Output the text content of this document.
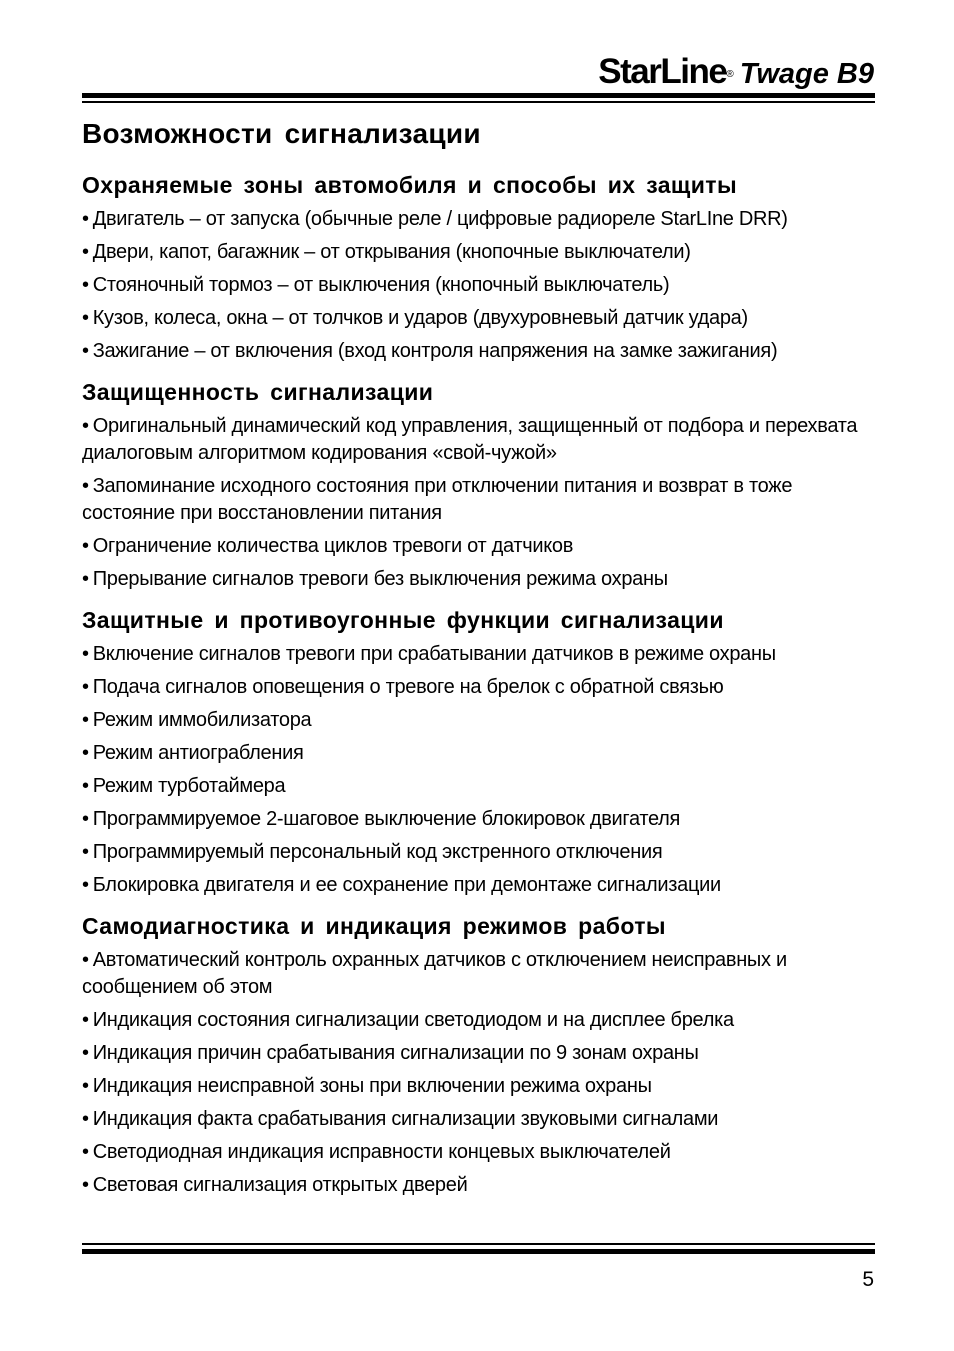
StarLine® Twage B9
Возможности сигнализации
Охраняемые зоны автомобиля и способы их защиты
• Двигатель – от запуска (обычные реле / цифровые радиореле StarLIne DRR)
• Двери, капот, багажник – от открывания (кнопочные выключатели)
• Стояночный тормоз – от выключения (кнопочный выключатель)
• Кузов, колеса, окна – от толчков и ударов (двухуровневый датчик удара)
• Зажигание – от включения (вход контроля напряжения на замке зажигания)
Защищенность сигнализации
• Оригинальный динамический код управления, защищенный от подбора и перехвата диалоговым алгоритмом кодирования «свой-чужой»
• Запоминание исходного состояния при отключении питания и возврат в тоже состояние при восстановлении питания
• Ограничение количества циклов тревоги от датчиков
• Прерывание сигналов тревоги без выключения режима охраны
Защитные и противоугонные функции сигнализации
• Включение сигналов тревоги при срабатывании датчиков в режиме охраны
• Подача сигналов оповещения о тревоге на брелок с обратной связью
• Режим иммобилизатора
• Режим антиограбления
• Режим турботаймера
• Программируемое 2-шаговое выключение блокировок двигателя
• Программируемый персональный код экстренного отключения
• Блокировка двигателя и ее сохранение при демонтаже сигнализации
Самодиагностика и индикация режимов работы
• Автоматический контроль охранных датчиков с отключением неисправных и сообщением об этом
• Индикация состояния сигнализации светодиодом и на дисплее брелка
• Индикация причин срабатывания сигнализации по 9 зонам охраны
• Индикация неисправной зоны при включении режима охраны
• Индикация факта срабатывания сигнализации звуковыми сигналами
• Светодиодная индикация исправности концевых выключателей
• Световая сигнализация открытых дверей
5
